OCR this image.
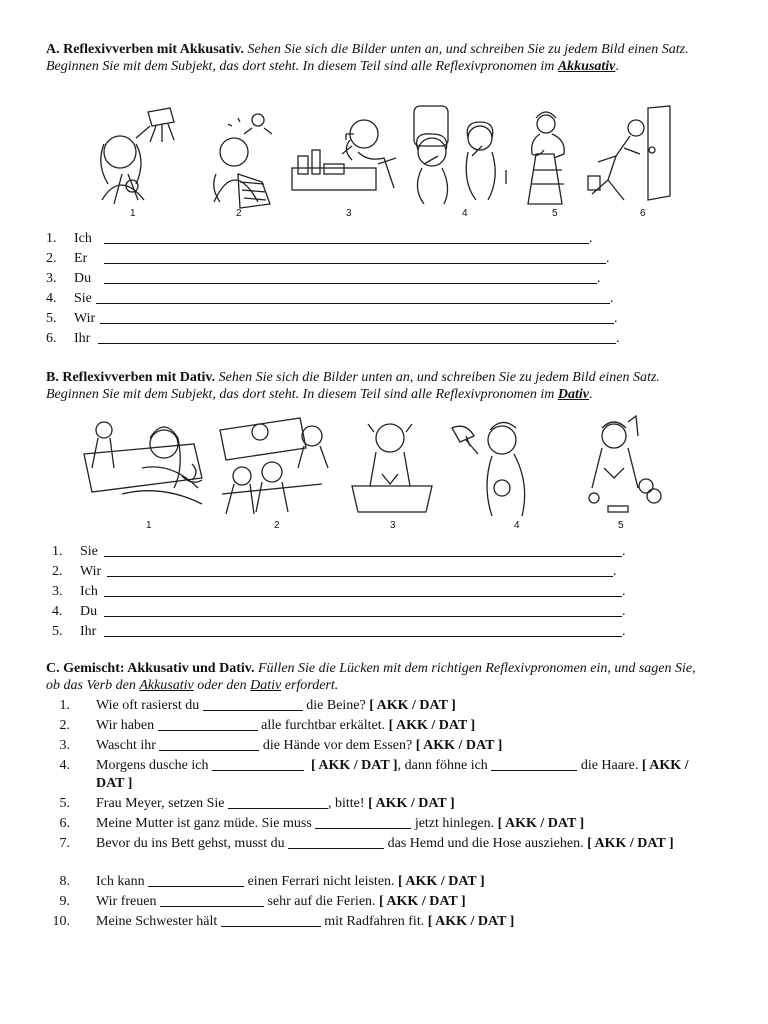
A. Reflexivverben mit Akkusativ. Sehen Sie sich die Bilder unten an, und schreiben Sie zu jedem Bild einen Satz. Beginnen Sie mit dem Subjekt, das dort steht. In diesem Teil sind alle Reflexivpronomen im Akkusativ.
1	2	3	4	5	6
1.	Ich	.
2.	Er	.
3.	Du	.
4.	Sie	.
5.	Wir	.
6.	Ihr	.
B. Reflexivverben mit Dativ. Sehen Sie sich die Bilder unten an, und schreiben Sie zu jedem Bild einen Satz. Beginnen Sie mit dem Subjekt, das dort steht. In diesem Teil sind alle Reflexivpronomen im Dativ.
1	2	3	4	5
1.	Sie	.
2.	Wir	.
3.	Ich	.
4.	Du	.
5.	Ihr	.
C. Gemischt: Akkusativ und Dativ. Füllen Sie die Lücken mit dem richtigen Reflexivpronomen ein, und sagen Sie, ob das Verb den Akkusativ oder den Dativ erfordert.
1. Wie oft rasierst du	die Beine? [ AKK / DAT ]
2. Wir haben	alle furchtbar erkältet. [ AKK / DAT ]
3. Wascht ihr	die Hände vor dem Essen? [ AKK / DAT ]
4. Morgens dusche ich	[ AKK / DAT ], dann föhne ich	die Haare. [ AKK / DAT ]
5. Frau Meyer, setzen Sie	, bitte! [ AKK / DAT ]
6. Meine Mutter ist ganz müde. Sie muss	jetzt hinlegen. [ AKK / DAT ]
7. Bevor du ins Bett gehst, musst du	das Hemd und die Hose ausziehen. [ AKK / DAT ]
8. Ich kann	einen Ferrari nicht leisten. [ AKK / DAT ]
9. Wir freuen	sehr auf die Ferien. [ AKK / DAT ]
10. Meine Schwester hält	mit Radfahren fit. [ AKK / DAT ]
